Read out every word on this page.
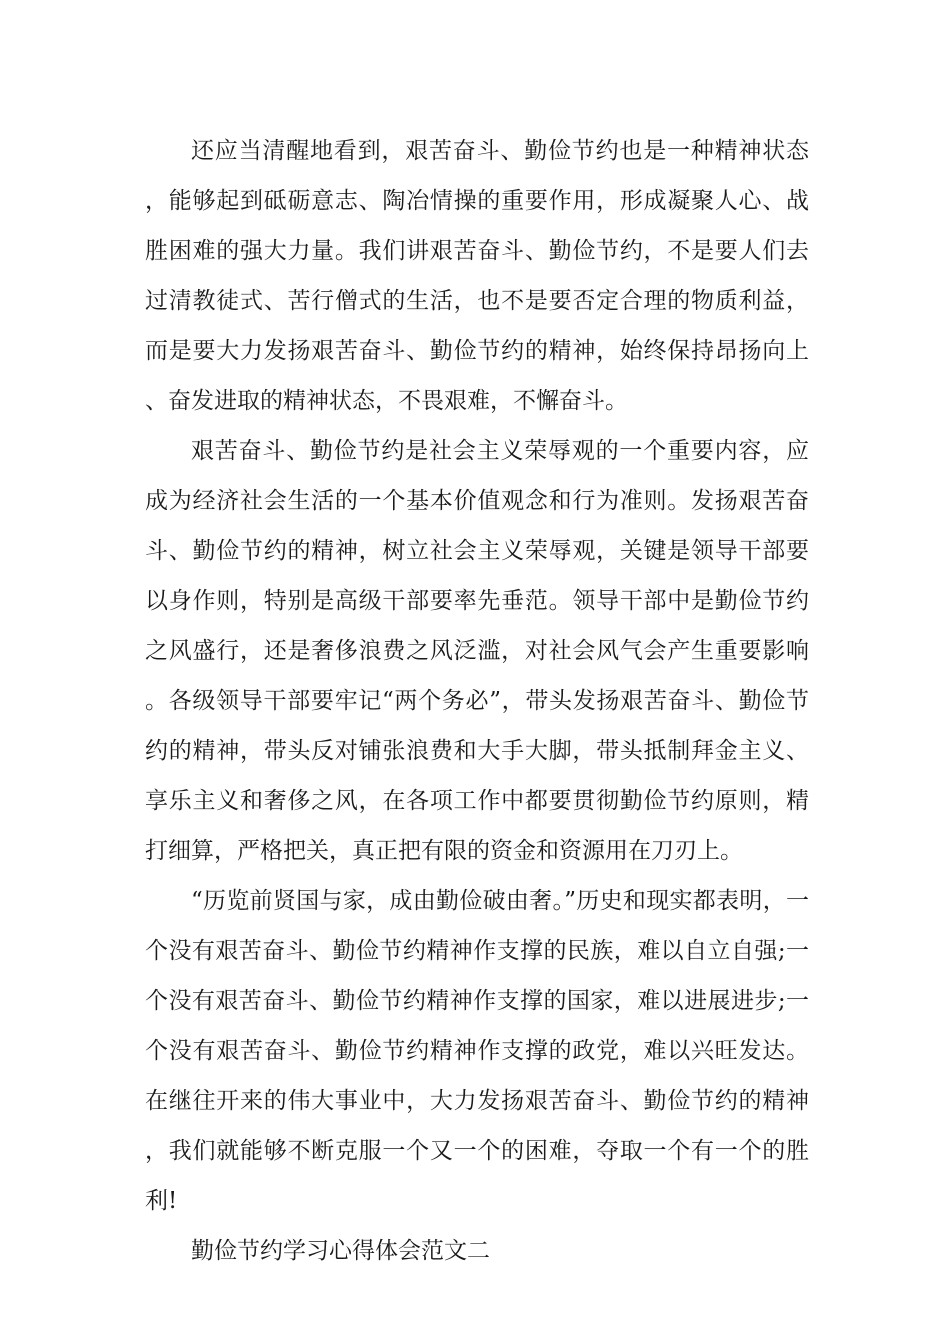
还应当清醒地看到，艰苦奋斗、勤俭节约也是一种精神状态，能够起到砥砺意志、陶冶情操的重要作用，形成凝聚人心、战胜困难的强大力量。我们讲艰苦奋斗、勤俭节约，不是要人们去过清教徒式、苦行僧式的生活，也不是要否定合理的物质利益，而是要大力发扬艰苦奋斗、勤俭节约的精神，始终保持昂扬向上、奋发进取的精神状态，不畏艰难，不懈奋斗。

艰苦奋斗、勤俭节约是社会主义荣辱观的一个重要内容，应成为经济社会生活的一个基本价值观念和行为准则。发扬艰苦奋斗、勤俭节约的精神，树立社会主义荣辱观，关键是领导干部要以身作则，特别是高级干部要率先垂范。领导干部中是勤俭节约之风盛行，还是奢侈浪费之风泛滥，对社会风气会产生重要影响。各级领导干部要牢记“两个务必”，带头发扬艰苦奋斗、勤俭节约的精神，带头反对铺张浪费和大手大脚，带头抵制拜金主义、享乐主义和奢侈之风，在各项工作中都要贯彻勤俭节约原则，精打细算，严格把关，真正把有限的资金和资源用在刀刃上。

“历览前贤国与家，成由勤俭破由奢。”历史和现实都表明，一个没有艰苦奋斗、勤俭节约精神作支撑的民族，难以自立自强;一个没有艰苦奋斗、勤俭节约精神作支撑的国家，难以进展进步;一个没有艰苦奋斗、勤俭节约精神作支撑的政党，难以兴旺发达。在继往开来的伟大事业中，大力发扬艰苦奋斗、勤俭节约的精神，我们就能够不断克服一个又一个的困难，夺取一个有一个的胜利!

勤俭节约学习心得体会范文二
